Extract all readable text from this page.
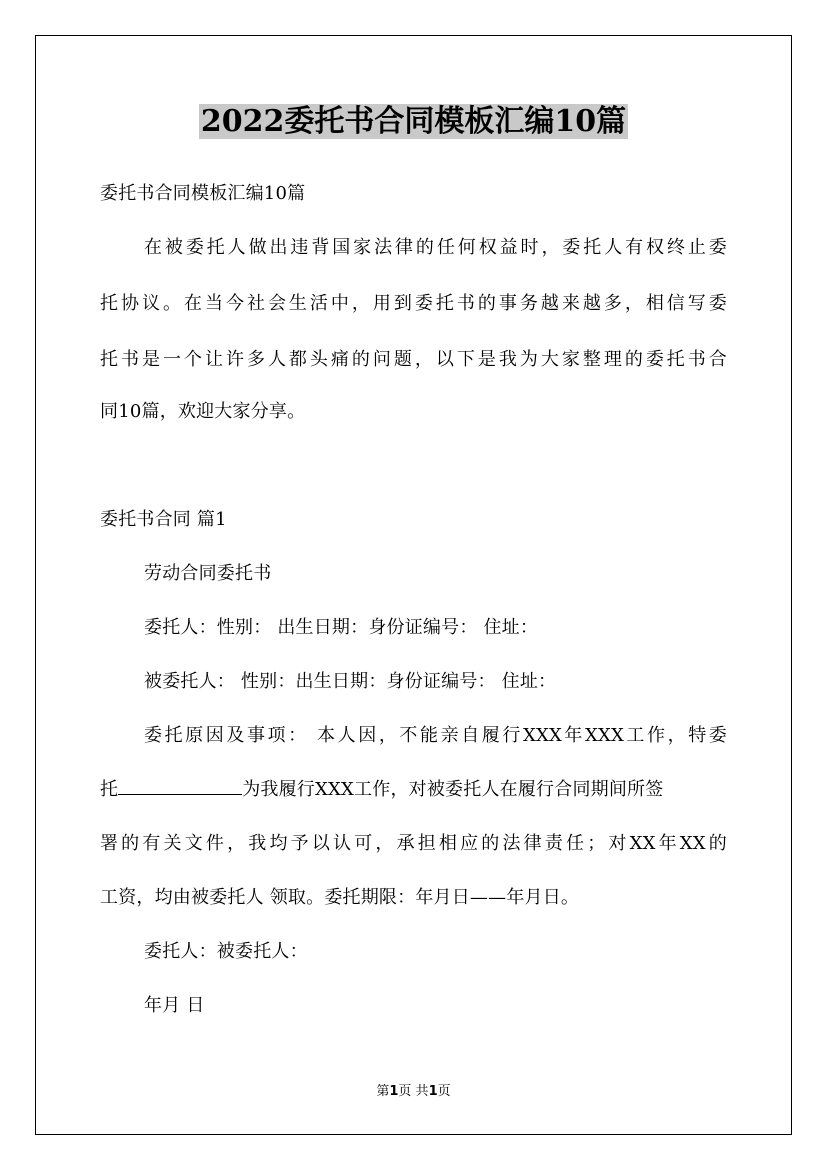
2022委托书合同模板汇编10篇
委托书合同模板汇编10篇
在被委托人做出违背国家法律的任何权益时，委托人有权终止委
托协议。在当今社会生活中，用到委托书的事务越来越多，相信写委
托书是一个让许多人都头痛的问题，以下是我为大家整理的委托书合
同10篇，欢迎大家分享。
委托书合同 篇1
劳动合同委托书
委托人：性别： 出生日期：身份证编号： 住址：
被委托人： 性别：出生日期：身份证编号： 住址：
委托原因及事项： 本人因，不能亲自履行XXX年XXX工作，特委
托	为我履行XXX工作，对被委托人在履行合同期间所签
署的有关文件，我均予以认可，承担相应的法律责任；对XX年XX的
工资，均由被委托人 领取。委托期限：年月日——年月日。
委托人：被委托人：
年月 日
第1页 共1页
